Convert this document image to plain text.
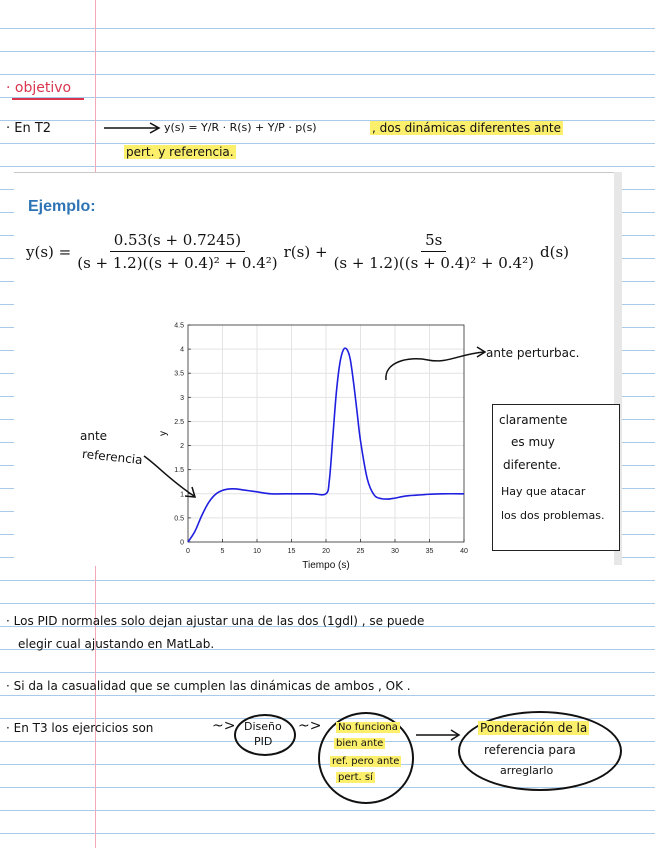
· objetivo
· En T2	y(s) = Y/R · R(s) + Y/P · p(s)	, dos dinámicas diferentes ante
pert. y referencia.
Ejemplo:
$y(s) = \frac{0.53(s + 0.7245)}{\text{(s + 1.2)((s + 0.4)² + 0.4²)}} r(s) + \frac{5s}{\text{(s + 1.2)((s + 0.4)² + 0.4²)}} d(s)$
0	5	10	15	20	25	30	35	40
0
0.5
1
1.5
2
2.5
3
3.5
4
4.5
Tiempo (s)
y
ante perturbac.
ante
referencia
claramente
es muy
diferente.
Hay que atacar
los dos problemas.
· Los PID normales solo dejan ajustar una de las dos (1gdl) , se puede
elegir cual ajustando en MatLab.
· Si da la casualidad que se cumplen las dinámicas de ambos , OK .
· En T3 los ejercicios son	~> Diseño
PID
~> No funciona
bien ante
ref. pero ante
pert. sí
Ponderación de la
referencia para
arreglarlo
